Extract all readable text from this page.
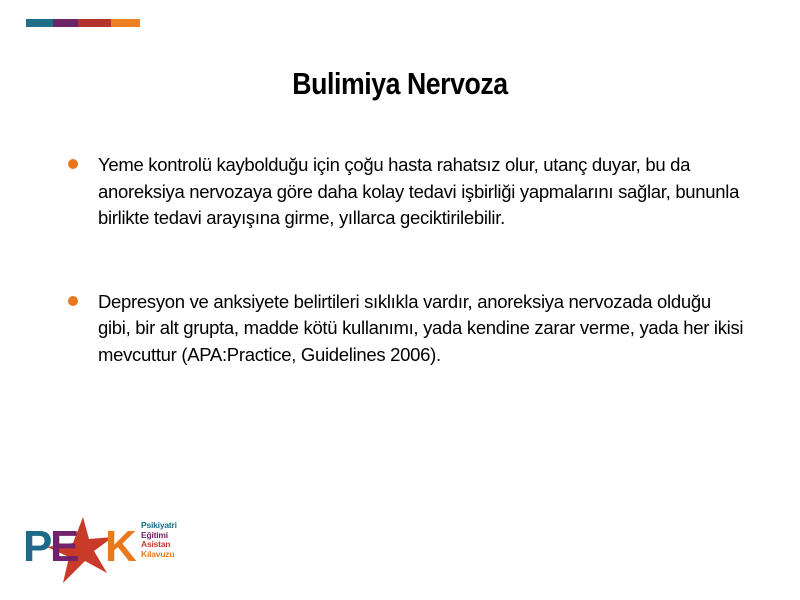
Bulimiya Nervoza
Yeme kontrolü kaybolduğu için çoğu hasta rahatsız olur, utanç duyar, bu da anoreksiya nervozaya göre daha kolay tedavi işbirliği yapmalarını sağlar, bununla birlikte tedavi arayışına girme, yıllarca geciktirilebilir.
Depresyon ve anksiyete belirtileri sıklıkla vardır, anoreksiya nervozada olduğu gibi, bir alt grupta, madde kötü kullanımı, yada kendine zarar verme, yada her ikisi mevcuttur (APA:Practice, Guidelines 2006).
P E
A K Psikiyatri
Eğitimi
Asistan
Kılavuzu
